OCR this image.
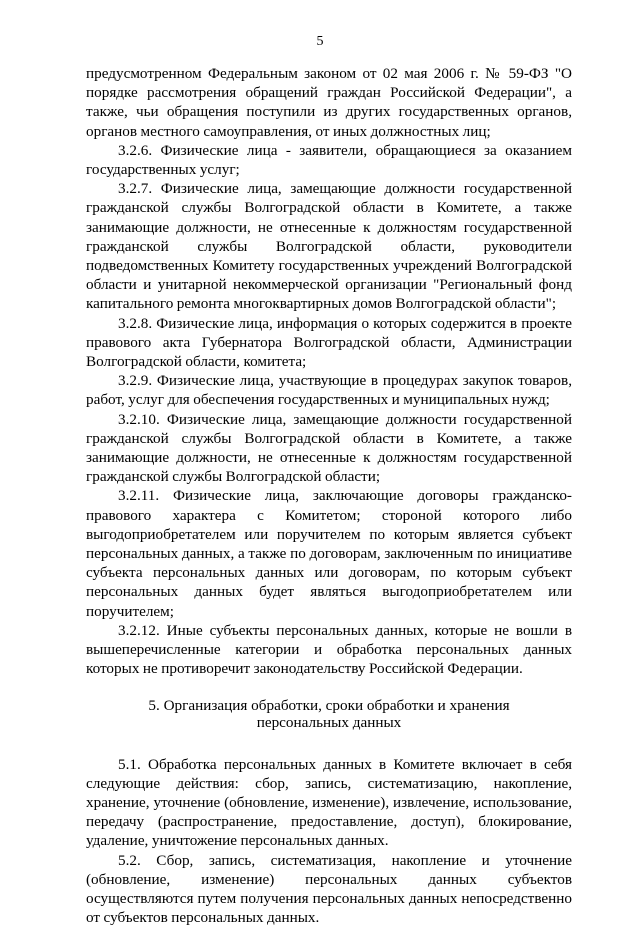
5

предусмотренном Федеральным законом от 02 мая 2006 г. № 59-ФЗ "О порядке рассмотрения обращений граждан Российской Федерации", а также, чьи обращения поступили из других государственных органов, органов местного самоуправления, от иных должностных лиц;

3.2.6. Физические лица - заявители, обращающиеся за оказанием государственных услуг;

3.2.7. Физические лица, замещающие должности государственной гражданской службы Волгоградской области в Комитете, а также занимающие должности, не отнесенные к должностям государственной гражданской службы Волгоградской области, руководители подведомственных Комитету государственных учреждений Волгоградской области и унитарной некоммерческой организации "Региональный фонд капитального ремонта многоквартирных домов Волгоградской области";

3.2.8. Физические лица, информация о которых содержится в проекте правового акта Губернатора Волгоградской области, Администрации Волгоградской области, комитета;

3.2.9. Физические лица, участвующие в процедурах закупок товаров, работ, услуг для обеспечения государственных и муниципальных нужд;

3.2.10. Физические лица, замещающие должности государственной гражданской службы Волгоградской области в Комитете, а также занимающие должности, не отнесенные к должностям государственной гражданской службы Волгоградской области;

3.2.11. Физические лица, заключающие договоры гражданско-правового характера с Комитетом; стороной которого либо выгодоприобретателем или поручителем по которым является субъект персональных данных, а также по договорам, заключенным по инициативе субъекта персональных данных или договорам, по которым субъект персональных данных будет являться выгодоприобретателем или поручителем;

3.2.12. Иные субъекты персональных данных, которые не вошли в вышеперечисленные категории и обработка персональных данных которых не противоречит законодательству Российской Федерации.

5. Организация обработки, сроки обработки и хранения
персональных данных

5.1. Обработка персональных данных в Комитете включает в себя следующие действия: сбор, запись, систематизацию, накопление, хранение, уточнение (обновление, изменение), извлечение, использование, передачу (распространение, предоставление, доступ), блокирование, удаление, уничтожение персональных данных.

5.2. Сбор, запись, систематизация, накопление и уточнение (обновление, изменение) персональных данных субъектов осуществляются путем получения персональных данных непосредственно от субъектов персональных данных.
